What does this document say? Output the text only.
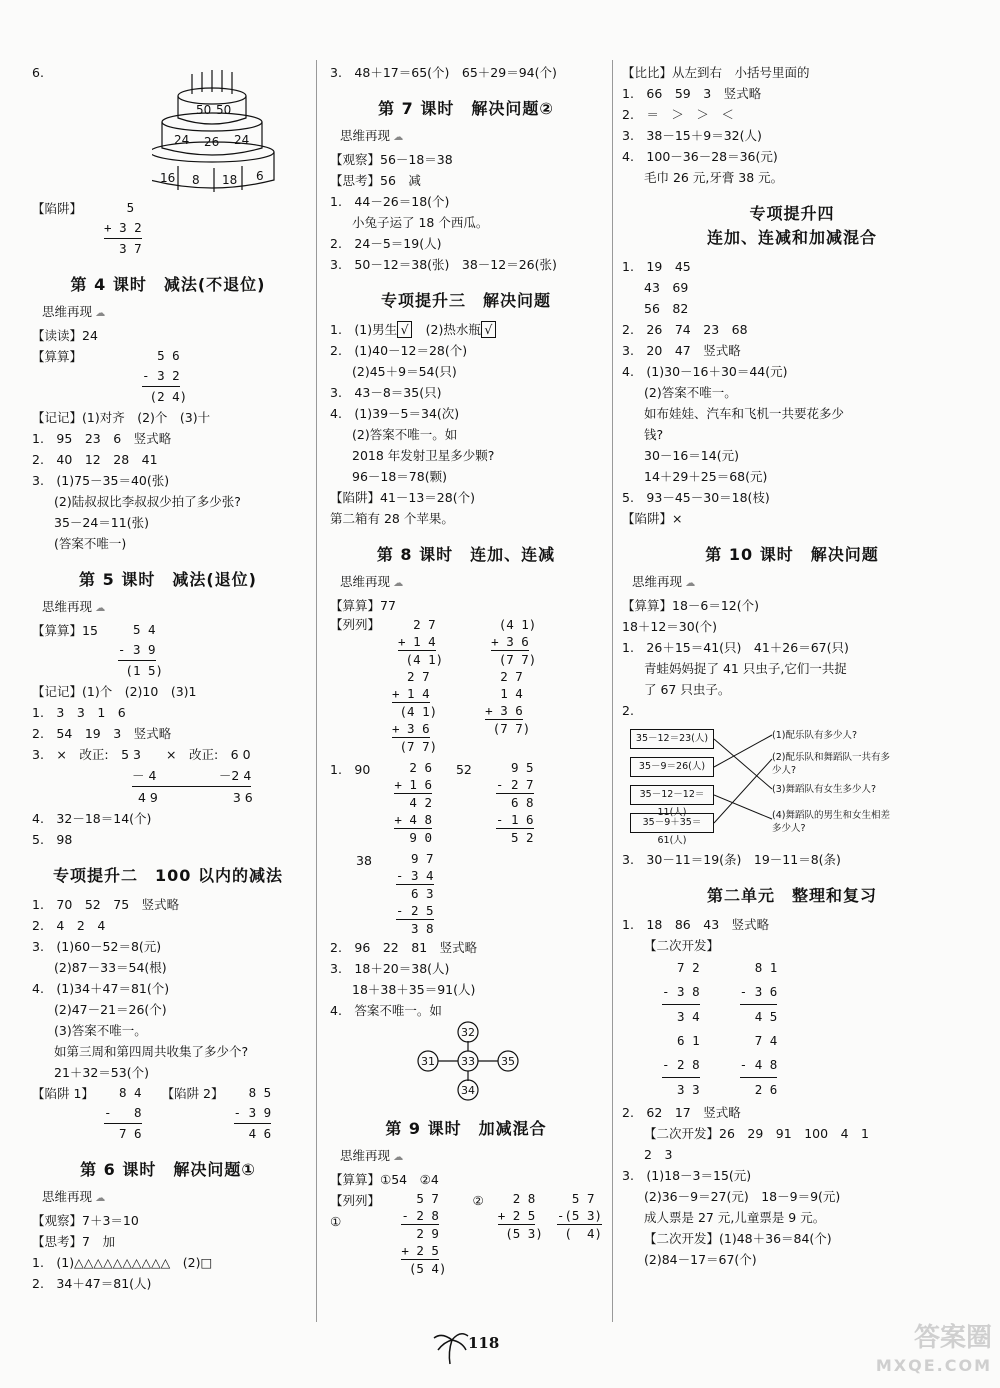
6.
50 50
24 26 24
16 8 18 6
【陷阱】 5
+ 3 2
3 7
第 4 课时　减法(不退位)
思维再现 ☁
【读读】24
【算算】	5 6
- 3 2
(2 4)
【记记】(1)对齐　(2)个　(3)十
1.　95　23　6　竖式略
2.　40　12　28　41
3.　(1)75－35＝40(张)
(2)陆叔叔比李叔叔少拍了多少张?
35－24＝11(张)
(答案不唯一)
第 5 课时　减法(退位)
思维再现 ☁
【算算】15 5 4
- 3 9
(1 5)
【记记】(1)个　(2)10　(3)1
1.　3　3　1　6
2.　54　19　3　竖式略
3.　×　改正:　5 3　　×　改正:　6 0
－ 4　　　　　－2 4
4 9　　　　　　3 6
4.　32－18＝14(个)
5.　98
专项提升二　100 以内的减法
1.　70　52　75　竖式略
2.　4　2　4
3.　(1)60－52＝8(元)
(2)87－33＝54(根)
4.　(1)34＋47＝81(个)
(2)47－21＝26(个)
(3)答案不唯一。
如第三周和第四周共收集了多少个?
21＋32＝53(个)
【陷阱 1】 8 4
-   8
7 6
【陷阱 2】 8 5
- 3 9
4 6
第 6 课时　解决问题①
思维再现 ☁
【观察】7＋3＝10
【思考】7　加
1.　(1)△△△△△△△△△△　(2)□
2.　34＋47＝81(人)
3.　48＋17＝65(个)　65＋29＝94(个)
第 7 课时　解决问题②
思维再现 ☁
【观察】56－18＝38
【思考】56　减
1.　44－26＝18(个)
小兔子运了 18 个西瓜。
2.　24－5＝19(人)
3.　50－12＝38(张)　38－12＝26(张)
专项提升三　解决问题
1.　(1)男生 √　 (2)热水瓶 √
2.　(1)40－12＝28(个)
(2)45＋9＝54(只)
3.　43－8＝35(只)
4.　(1)39－5＝34(次)
(2)答案不唯一。如
2018 年发射卫星多少颗?
96－18＝78(颗)
【陷阱】41－13＝28(个)
第二箱有 28 个苹果。
第 8 课时　连加、连减
思维再现 ☁
【算算】77
【列列】 2 7
+ 1 4
(4 1)
(4 1)
+ 3 6
(7 7)
2 7
+ 1 4
(4 1)
+ 3 6
(7 7)
2 7
1 4
+ 3 6
(7 7)
1.　90 2 6
+ 1 6
4 2
+ 4 8
9 0
52 9 5
- 2 7
6 8
- 1 6
5 2
38 9 7
- 3 4
6 3
- 2 5
3 8
2.　96　22　81　竖式略
3.　18＋20＝38(人)
18＋38＋35＝91(人)
4.　答案不唯一。如
32
31 33 35
34
第 9 课时　加减混合
思维再现 ☁
【算算】①54　②4
【列列】①
5 7
- 2 8
2 9
+ 2 5
(5 4)
② 2 8
+ 2 5
(5 3)
5 7
-(5 3)
(  4)
【比比】从左到右　小括号里面的
1.　66　59　3　竖式略
2.　＝　＞　＞　＜
3.　38－15＋9＝32(人)
4.　100－36－28＝36(元)
毛巾 26 元,牙膏 38 元。
专项提升四
连加、连减和加减混合
1.　19　45
43　69
56　82
2.　26　74　23　68
3.　20　47　竖式略
4.　(1)30－16＋30＝44(元)
(2)答案不唯一。
如布娃娃、汽车和飞机一共要花多少
钱?
30－16＝14(元)
14＋29＋25＝68(元)
5.　93－45－30＝18(枝)
【陷阱】×
第 10 课时　解决问题
思维再现 ☁
【算算】18－6＝12(个)
18＋12＝30(个)
1.　26＋15＝41(只)　41＋26＝67(只)
青蛙妈妈捉了 41 只虫子,它们一共捉
了 67 只虫子。
2.
35－12＝23(人)
35－9＝26(人)
35－12－12＝11(人)
35－9＋35＝61(人)
(1)配乐队有多少人?
(2)配乐队和舞蹈队一共有多少人?
(3)舞蹈队有女生多少人?
(4)舞蹈队的男生和女生相差多少人?
3.　30－11＝19(条)　19－11＝8(条)
第二单元　整理和复习
1.　18　86　43　竖式略
【二次开发】
7 2
- 3 8
3 4
8 1
- 3 6
4 5
6 1
- 2 8
3 3
7 4
- 4 8
2 6
2.　62　17　竖式略
【二次开发】26　29　91　100　4　1
2　3
3.　(1)18－3＝15(元)
(2)36－9＝27(元)　18－9＝9(元)
成人票是 27 元,儿童票是 9 元。
【二次开发】(1)48＋36＝84(个)
(2)84－17＝67(个)
118	答案圈
MXQE.COM
